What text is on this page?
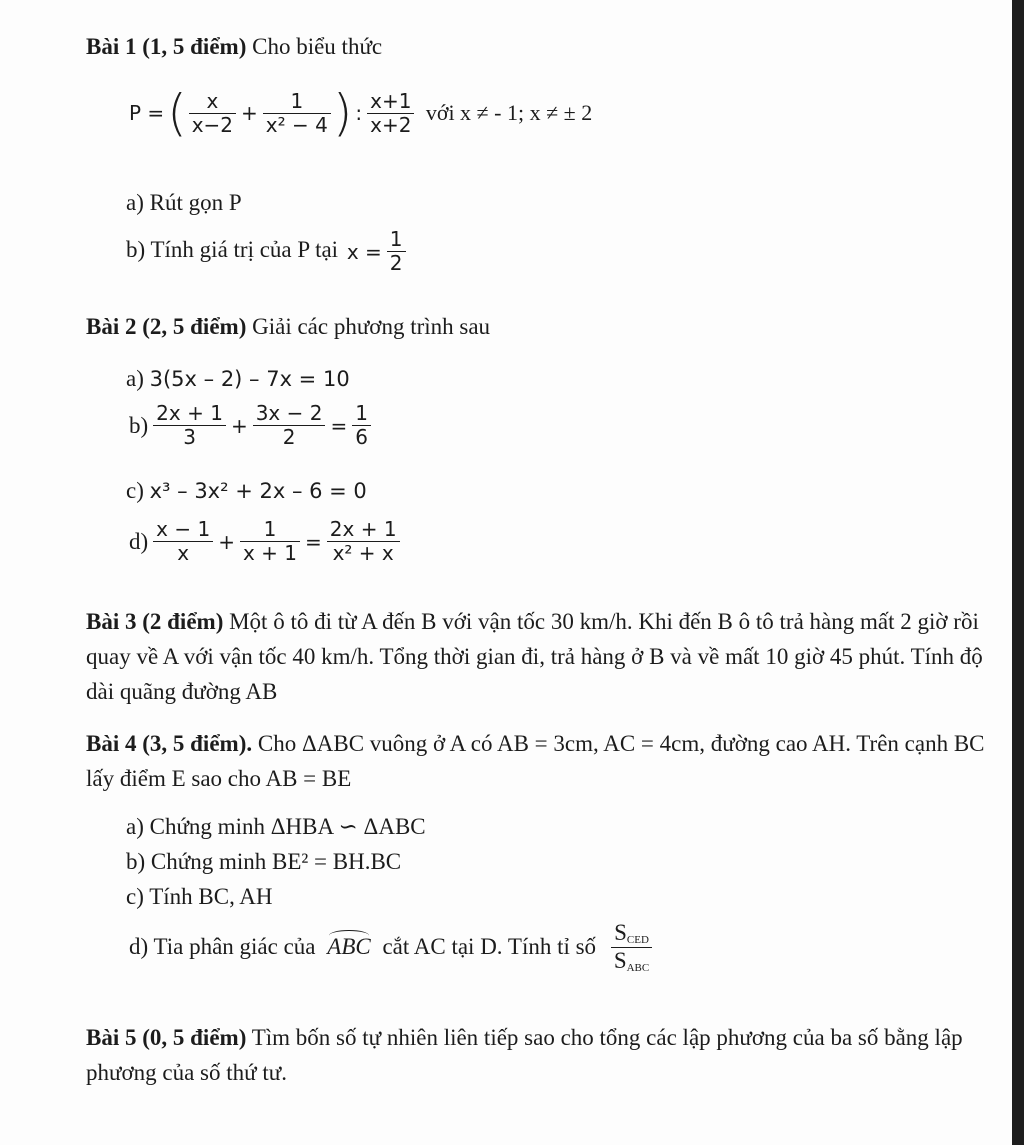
Bài 1 (1, 5 điểm) Cho biểu thức
P =( $\frac{x}{x-2} + \frac{1}{\text{x² − 4}}$ ) : $\frac{x+1}{x+2}$ với x ≠ - 1; x ≠ ± 2
a) Rút gọn P
b) Tính giá trị của P tại $x = \frac{1}{2}$
Bài 2 (2, 5 điểm) Giải các phương trình sau
a) 3(5x – 2) – 7x = 10
$b) \frac{2x + 1}{3} + \frac{3x - 2}{2} = \frac{1}{6}$
c) x³ – 3x² + 2x – 6 = 0
$d) \frac{x - 1}{x} + \frac{1}{x + 1} = \frac{2x + 1}{\text{x² + x}}$
Bài 3 (2 điểm) Một ô tô đi từ A đến B với vận tốc 30 km/h. Khi đến B ô tô trả hàng mất 2 giờ rồi quay về A với vận tốc 40 km/h. Tổng thời gian đi, trả hàng ở B và về mất 10 giờ 45 phút. Tính độ dài quãng đường AB
Bài 4 (3, 5 điểm). Cho ΔABC vuông ở A có AB = 3cm, AC = 4cm, đường cao AH. Trên cạnh BC lấy điểm E sao cho AB = BE
a) Chứng minh ΔHBA ∽ ΔABC
b) Chứng minh BE² = BH.BC
c) Tính BC, AH
d) Tia phân giác của ABC cắt AC tại D. Tính tỉ số $\frac{\text{SCED}}{\text{SABC}}$
Bài 5 (0, 5 điểm) Tìm bốn số tự nhiên liên tiếp sao cho tổng các lập phương của ba số bằng lập phương của số thứ tư.
